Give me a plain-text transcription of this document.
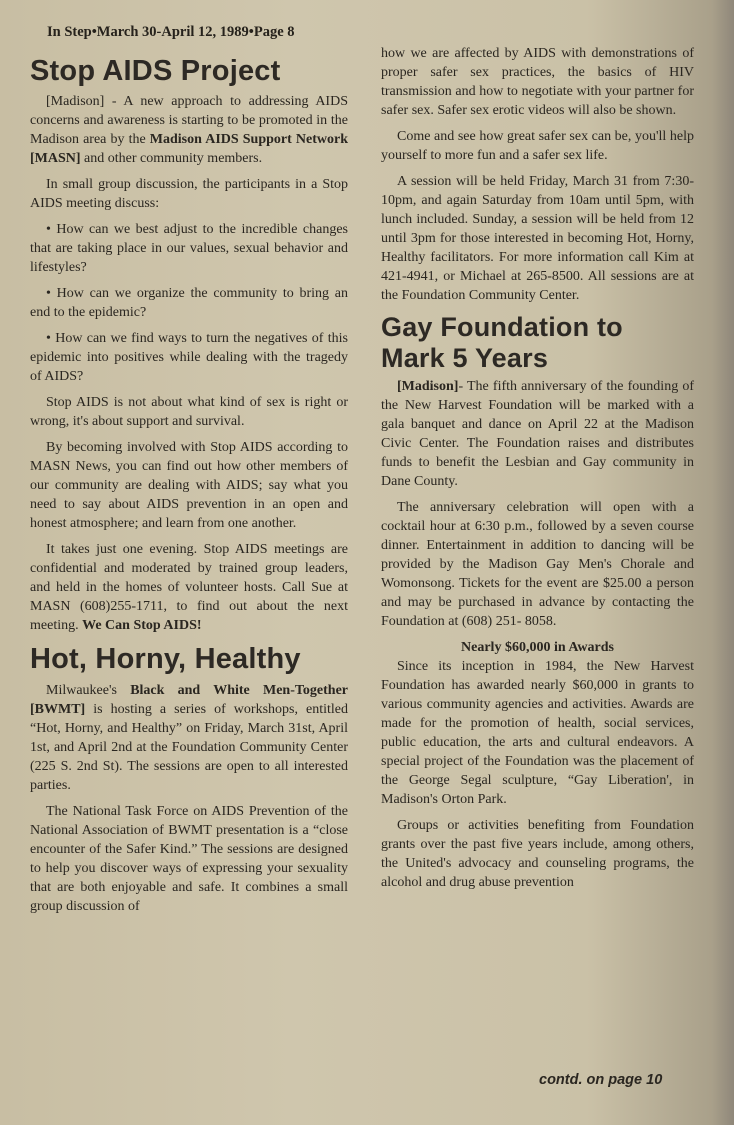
In Step•March 30-April 12, 1989•Page 8
Stop AIDS Project

[Madison] - A new approach to addressing AIDS concerns and awareness is starting to be promoted in the Madison area by the Madison AIDS Support Network [MASN] and other community members.

In small group discussion, the participants in a Stop AIDS meeting discuss:

• How can we best adjust to the incredible changes that are taking place in our values, sexual behavior and lifestyles?

• How can we organize the community to bring an end to the epidemic?

• How can we find ways to turn the negatives of this epidemic into positives while dealing with the tragedy of AIDS?

Stop AIDS is not about what kind of sex is right or wrong, it's about support and survival.

By becoming involved with Stop AIDS according to MASN News, you can find out how other members of our community are dealing with AIDS; say what you need to say about AIDS prevention in an open and honest atmosphere; and learn from one another.

It takes just one evening. Stop AIDS meetings are confidential and moderated by trained group leaders, and held in the homes of volunteer hosts. Call Sue at MASN (608)255-1711, to find out about the next meeting. We Can Stop AIDS!

Hot, Horny, Healthy

Milwaukee's Black and White Men-Together [BWMT] is hosting a series of workshops, entitled “Hot, Horny, and Healthy” on Friday, March 31st, April 1st, and April 2nd at the Foundation Community Center (225 S. 2nd St). The sessions are open to all interested parties.

The National Task Force on AIDS Prevention of the National Association of BWMT presentation is a “close encounter of the Safer Kind.” The sessions are designed to help you discover ways of expressing your sexuality that are both enjoyable and safe. It combines a small group discussion of

how we are affected by AIDS with demonstrations of proper safer sex practices, the basics of HIV transmission and how to negotiate with your partner for safer sex. Safer sex erotic videos will also be shown.

Come and see how great safer sex can be, you'll help yourself to more fun and a safer sex life.

A session will be held Friday, March 31 from 7:30-10pm, and again Saturday from 10am until 5pm, with lunch included. Sunday, a session will be held from 12 until 3pm for those interested in becoming Hot, Horny, Healthy facilitators. For more information call Kim at 421-4941, or Michael at 265-8500. All sessions are at the Foundation Community Center.

Gay Foundation to
Mark 5 Years

[Madison]- The fifth anniversary of the founding of the New Harvest Foundation will be marked with a gala banquet and dance on April 22 at the Madison Civic Center. The Foundation raises and distributes funds to benefit the Lesbian and Gay community in Dane County.

The anniversary celebration will open with a cocktail hour at 6:30 p.m., followed by a seven course dinner. Entertainment in addition to dancing will be provided by the Madison Gay Men's Chorale and Womonsong. Tickets for the event are $25.00 a person and may be purchased in advance by contacting the Foundation at (608) 251- 8058.

Nearly $60,000 in Awards

Since its inception in 1984, the New Harvest Foundation has awarded nearly $60,000 in grants to various community agencies and activities. Awards are made for the promotion of health, social services, public education, the arts and cultural endeavors. A special project of the Foundation was the placement of the George Segal sculpture, “Gay Liberation', in Madison's Orton Park.

Groups or activities benefiting from Foundation grants over the past five years include, among others, the United's advocacy and counseling programs, the alcohol and drug abuse prevention

contd. on page 10
